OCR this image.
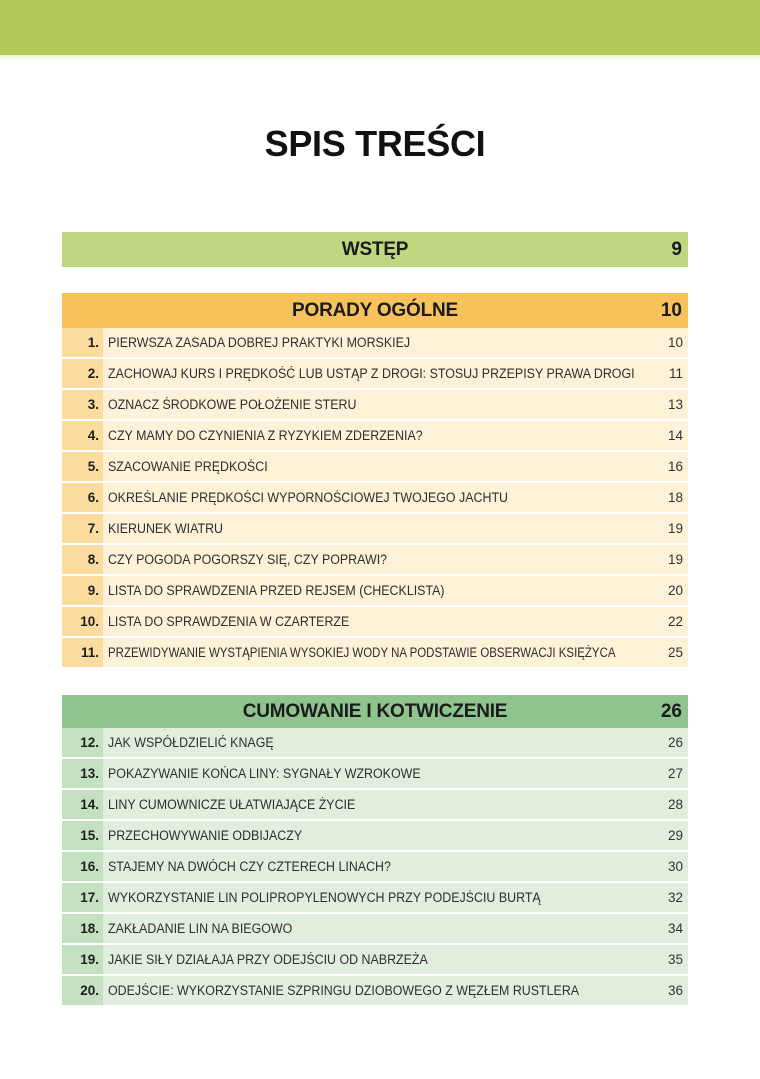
SPIS TREŚCI
WSTĘP	9
PORADY OGÓLNE	10
1. PIERWSZA ZASADA DOBREJ PRAKTYKI MORSKIEJ	10
2. ZACHOWAJ KURS I PRĘDKOŚĆ LUB USTĄP Z DROGI: STOSUJ PRZEPISY PRAWA DROGI	11
3. OZNACZ ŚRODKOWE POŁOŻENIE STERU	13
4. CZY MAMY DO CZYNIENIA Z RYZYKIEM ZDERZENIA?	14
5. SZACOWANIE PRĘDKOŚCI	16
6. OKREŚLANIE PRĘDKOŚCI WYPORNOŚCIOWEJ TWOJEGO JACHTU	18
7. KIERUNEK WIATRU	19
8. CZY POGODA POGORSZY SIĘ, CZY POPRAWI?	19
9. LISTA DO SPRAWDZENIA PRZED REJSEM (CHECKLISTA)	20
10. LISTA DO SPRAWDZENIA W CZARTERZE	22
11. PRZEWIDYWANIE WYSTĄPIENIA WYSOKIEJ WODY NA PODSTAWIE OBSERWACJI KSIĘŻYCA	25
CUMOWANIE I KOTWICZENIE	26
12. JAK WSPÓŁDZIELIĆ KNAGĘ	26
13. POKAZYWANIE KOŃCA LINY: SYGNAŁY WZROKOWE	27
14. LINY CUMOWNICZE UŁATWIAJĄCE ŻYCIE	28
15. PRZECHOWYWANIE ODBIJACZY	29
16. STAJEMY NA DWÓCH CZY CZTERECH LINACH?	30
17. WYKORZYSTANIE LIN POLIPROPYLENOWYCH PRZY PODEJŚCIU BURTĄ	32
18. ZAKŁADANIE LIN NA BIEGOWO	34
19. JAKIE SIŁY DZIAŁAJA PRZY ODEJŚCIU OD NABRZEŻA	35
20. ODEJŚCIE: WYKORZYSTANIE SZPRINGU DZIOBOWEGO Z WĘZŁEM RUSTLERA	36
